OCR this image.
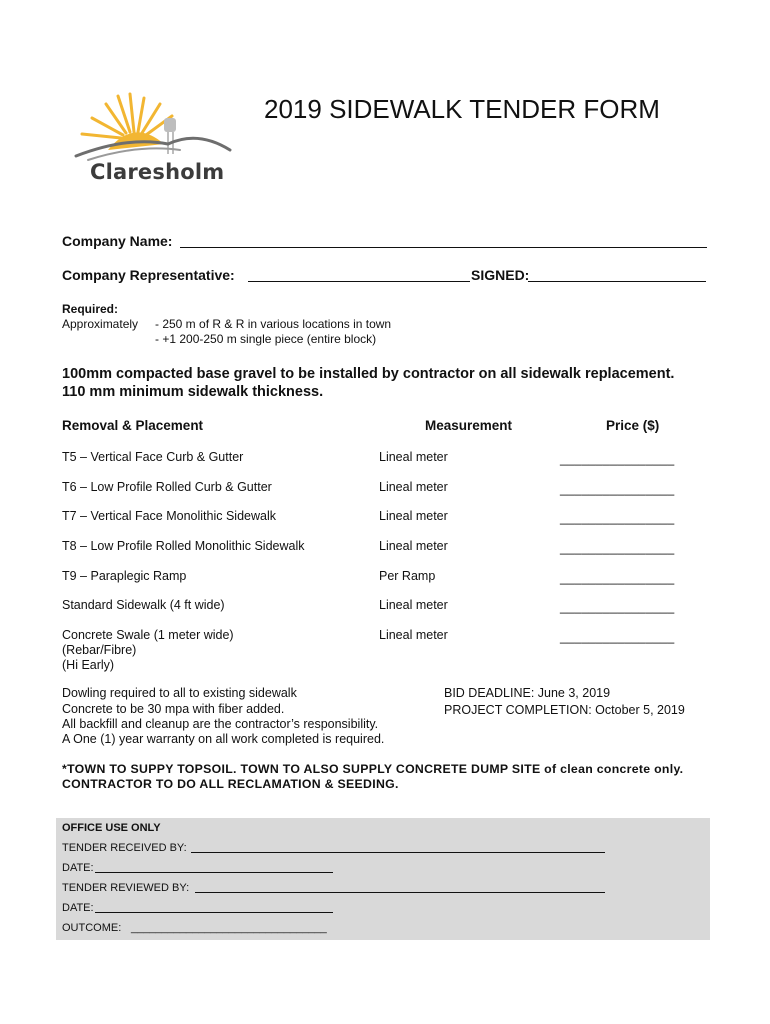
Claresholm
2019 SIDEWALK TENDER FORM
Company Name:
Company Representative:	SIGNED:
Required:
Approximately - 250 m of R & R in various locations in town
- +1 200-250 m single piece (entire block)
100mm compacted base gravel to be installed by contractor on all sidewalk replacement.
110 mm minimum sidewalk thickness.
Removal & Placement	Measurement	Price ($)
T5 – Vertical Face Curb & Gutter	Lineal meter	________________
T6 – Low Profile Rolled Curb & Gutter	Lineal meter	________________
T7 – Vertical Face Monolithic Sidewalk	Lineal meter	________________
T8 – Low Profile Rolled Monolithic Sidewalk	Lineal meter	________________
T9 – Paraplegic Ramp	Per Ramp	________________
Standard Sidewalk (4 ft wide)	Lineal meter	________________
Concrete Swale (1 meter wide)	Lineal meter	________________
(Rebar/Fibre)
(Hi Early)
Dowling required to all to existing sidewalk
Concrete to be 30 mpa with fiber added.
All backfill and cleanup are the contractor’s responsibility.
A One (1) year warranty on all work completed is required.
BID DEADLINE: June 3, 2019
PROJECT COMPLETION: October 5, 2019
*TOWN TO SUPPY TOPSOIL. TOWN TO ALSO SUPPLY CONCRETE DUMP SITE of clean concrete only.
CONTRACTOR TO DO ALL RECLAMATION & SEEDING.
OFFICE USE ONLY
TENDER RECEIVED BY:
DATE:
TENDER REVIEWED BY:
DATE:
OUTCOME: ________________________________
